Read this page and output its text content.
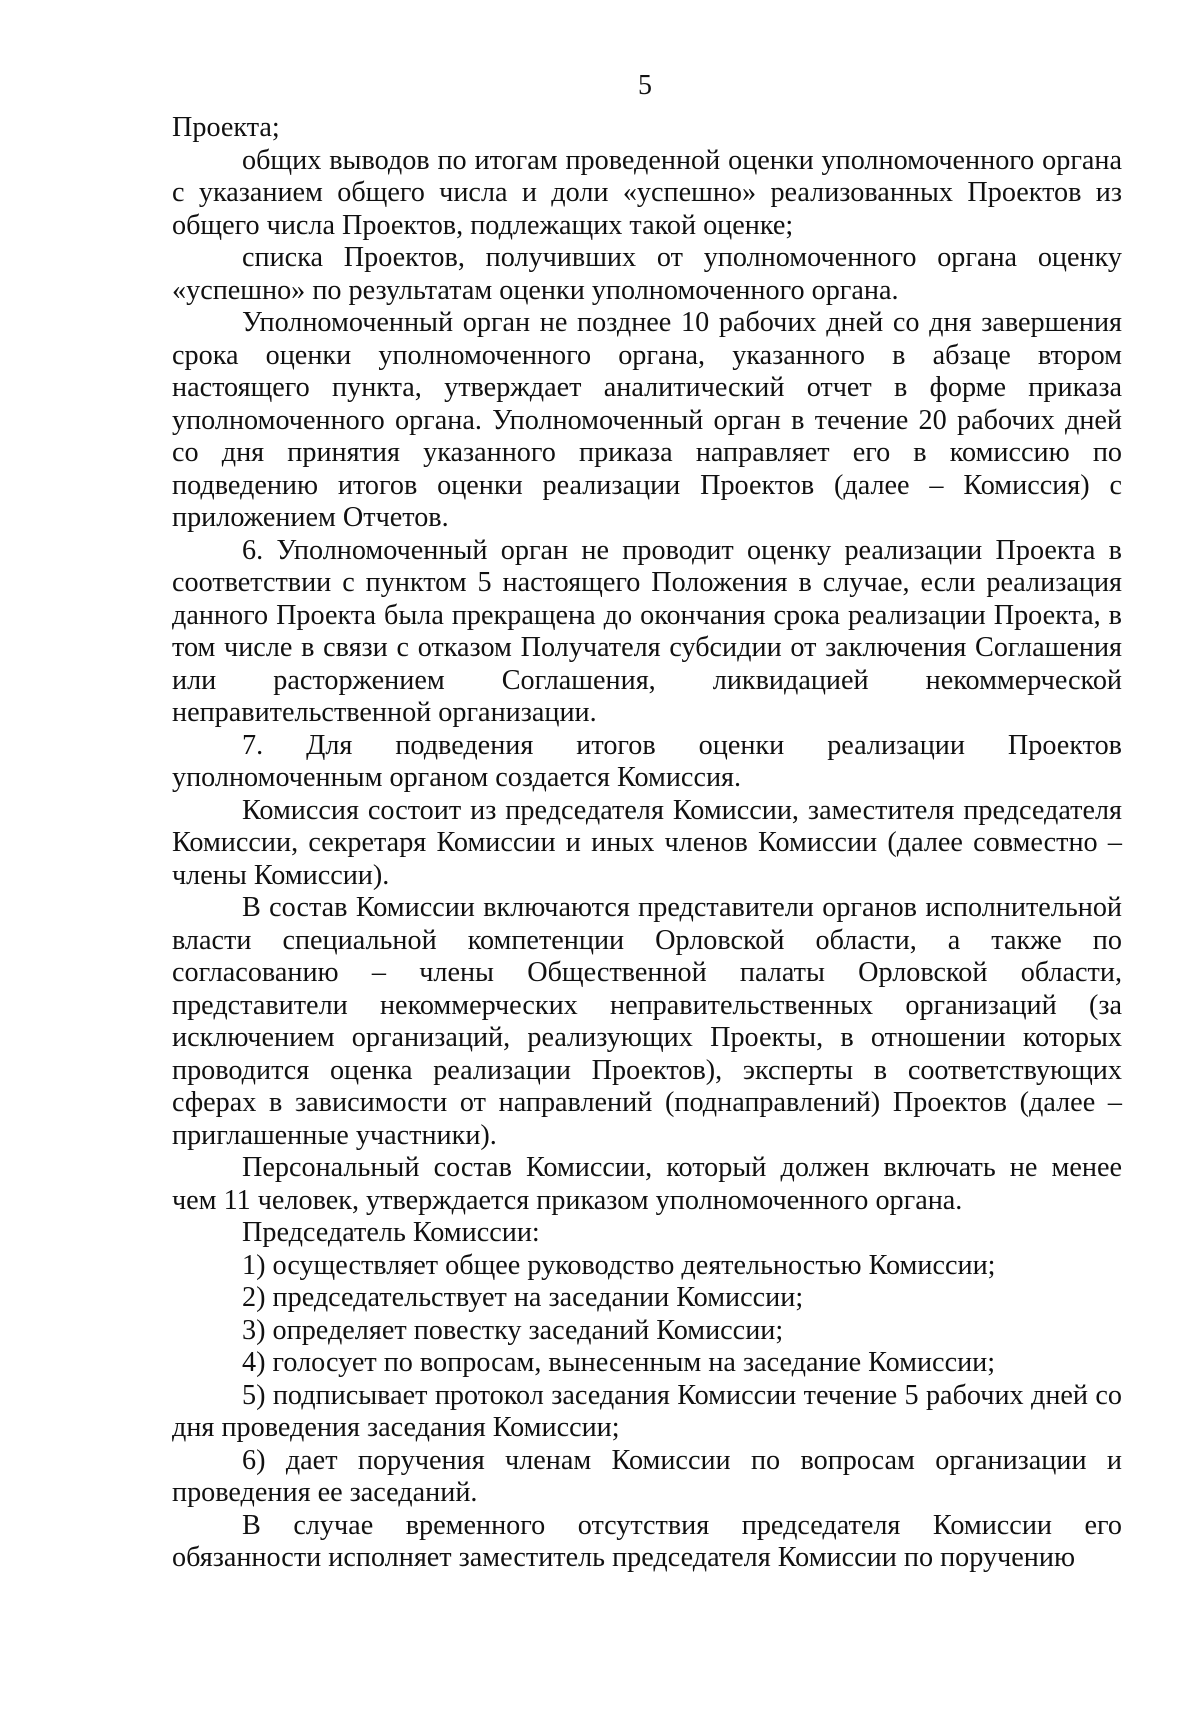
5

Проекта;

общих выводов по итогам проведенной оценки уполномоченного органа с указанием общего числа и доли «успешно» реализованных Проектов из общего числа Проектов, подлежащих такой оценке;

списка Проектов, получивших от уполномоченного органа оценку «успешно» по результатам оценки уполномоченного органа.

Уполномоченный орган не позднее 10 рабочих дней со дня завершения срока оценки уполномоченного органа, указанного в абзаце втором настоящего пункта, утверждает аналитический отчет в форме приказа уполномоченного органа. Уполномоченный орган в течение 20 рабочих дней со дня принятия указанного приказа направляет его в комиссию по подведению итогов оценки реализации Проектов (далее – Комиссия) с приложением Отчетов.

6. Уполномоченный орган не проводит оценку реализации Проекта в соответствии с пунктом 5 настоящего Положения в случае, если реализация данного Проекта была прекращена до окончания срока реализации Проекта, в том числе в связи с отказом Получателя субсидии от заключения Соглашения или расторжением Соглашения, ликвидацией некоммерческой неправительственной организации.

7. Для подведения итогов оценки реализации Проектов уполномоченным органом создается Комиссия.

Комиссия состоит из председателя Комиссии, заместителя председателя Комиссии, секретаря Комиссии и иных членов Комиссии (далее совместно – члены Комиссии).

В состав Комиссии включаются представители органов исполнительной власти специальной компетенции Орловской области, а также по согласованию – члены Общественной палаты Орловской области, представители некоммерческих неправительственных организаций (за исключением организаций, реализующих Проекты, в отношении которых проводится оценка реализации Проектов), эксперты в соответствующих сферах в зависимости от направлений (поднаправлений) Проектов (далее – приглашенные участники).

Персональный состав Комиссии, который должен включать не менее чем 11 человек, утверждается приказом уполномоченного органа.

Председатель Комиссии:

1) осуществляет общее руководство деятельностью Комиссии;

2) председательствует на заседании Комиссии;

3) определяет повестку заседаний Комиссии;

4) голосует по вопросам, вынесенным на заседание Комиссии;

5) подписывает протокол заседания Комиссии течение 5 рабочих дней со дня проведения заседания Комиссии;

6) дает поручения членам Комиссии по вопросам организации и проведения ее заседаний.

В случае временного отсутствия председателя Комиссии его обязанности исполняет заместитель председателя Комиссии по поручению
